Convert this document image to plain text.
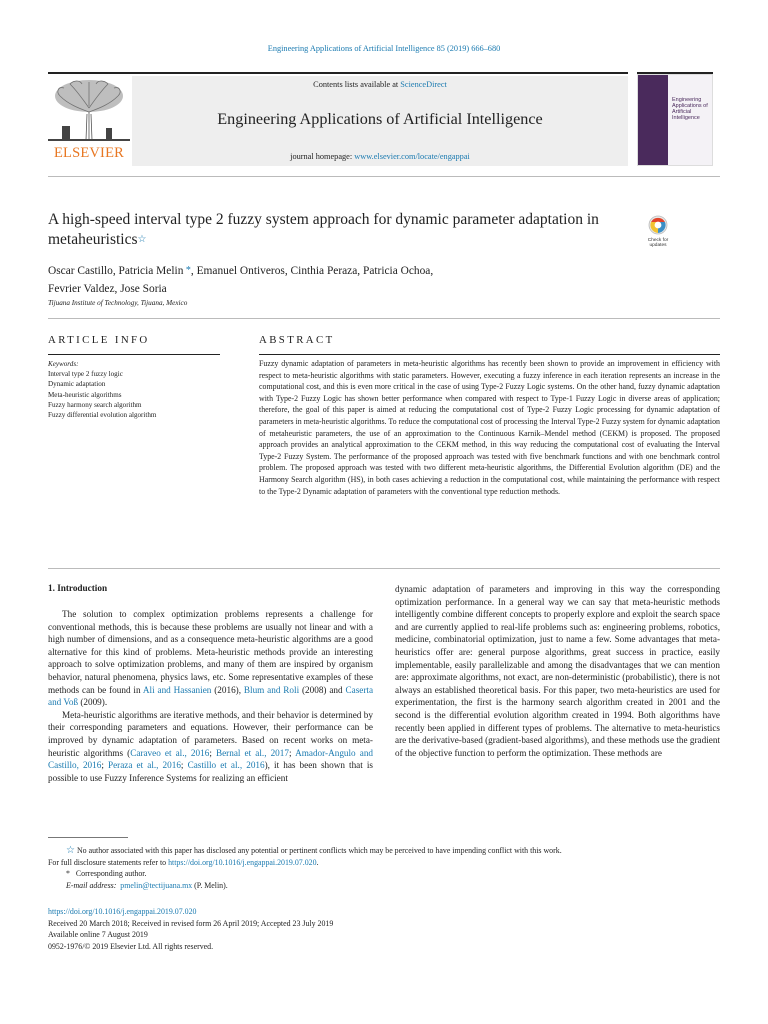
Engineering Applications of Artificial Intelligence 85 (2019) 666–680
ELSEVIER
Contents lists available at ScienceDirect
Engineering Applications of Artificial Intelligence
journal homepage: www.elsevier.com/locate/engappai
Engineering Applications of Artificial Intelligence
A high-speed interval type 2 fuzzy system approach for dynamic parameter adaptation in metaheuristics☆	Check for
updates
Oscar Castillo, Patricia Melin *, Emanuel Ontiveros, Cinthia Peraza, Patricia Ochoa,
Fevrier Valdez, Jose Soria
Tijuana Institute of Technology, Tijuana, Mexico
ARTICLE INFO	ABSTRACT
Keywords:
Interval type 2 fuzzy logic
Dynamic adaptation
Meta-heuristic algorithms
Fuzzy harmony search algorithm
Fuzzy differential evolution algorithm
Fuzzy dynamic adaptation of parameters in meta-heuristic algorithms has recently been shown to provide an improvement in efficiency with respect to meta-heuristic algorithms with static parameters. However, executing a fuzzy inference in each iteration represents an increase in the computational cost, and this is even more critical in the case of using Type-2 Fuzzy Logic systems. On the other hand, fuzzy dynamic adaptation with Type-2 Fuzzy Logic has shown better performance when compared with respect to Type-1 Fuzzy Logic in diverse areas of application; therefore, the goal of this paper is aimed at reducing the computational cost of Type-2 Fuzzy Logic processing for dynamic adaptation of parameters in meta-heuristic algorithms. To reduce the computational cost of processing the Interval Type-2 Fuzzy system for dynamic adaptation of metaheuristic parameters, the use of an approximation to the Continuous Karnik–Mendel method (CEKM) is proposed. The proposed approach provides an analytical approximation to the CEKM method, in this way reducing the computational cost of evaluating the Interval Type-2 Fuzzy System. The performance of the proposed approach was tested with five benchmark functions and with one benchmark control problem. The proposed approach was tested with two different meta-heuristic algorithms, the Differential Evolution algorithm (DE) and the Harmony Search algorithm (HS), in both cases achieving a reduction in the computational cost, while maintaining the performance with respect to the Type-2 Dynamic adaptation of parameters with the conventional type reduction methods.
1. Introduction

The solution to complex optimization problems represents a challenge for conventional methods, this is because these problems are usually not linear and with a high number of dimensions, and as a consequence meta-heuristic algorithms are a good alternative for this kind of problems. Meta-heuristic methods provide an interesting approach to solve optimization problems, and many of them are inspired by organism behavior, natural phenomena, physics laws, etc. Some representative examples of these methods can be found in Ali and Hassanien (2016), Blum and Roli (2008) and Caserta and Voß (2009).

Meta-heuristic algorithms are iterative methods, and their behavior is determined by their corresponding parameters and equations. However, their performance can be improved by dynamic adaptation of parameters. Based on recent works on meta-heuristic algorithms (Caraveo et al., 2016; Bernal et al., 2017; Amador-Angulo and Castillo, 2016; Peraza et al., 2016; Castillo et al., 2016), it has been shown that is possible to use Fuzzy Inference Systems for realizing an efficient

dynamic adaptation of parameters and improving in this way the corresponding optimization performance. In a general way we can say that meta-heuristic methods intelligently combine different concepts to properly explore and exploit the search space and are currently applied to real-life problems such as: engineering problems, robotics, medicine, combinatorial optimization, just to name a few. Some advantages that meta-heuristics offer are: general purpose algorithms, great success in practice, easily implementable, easily parallelizable and among the disadvantages that we can mention are: approximate algorithms, not exact, are non-deterministic (probabilistic), there is not always an established theoretical basis. For this paper, two meta-heuristics are used for experimentation, the first is the harmony search algorithm created in 2001 and the second is the differential evolution algorithm created in 1994. Both algorithms have recently been applied in different types of problems. The alternative to meta-heuristics are the derivative-based (gradient-based algorithms), and these methods use the gradient of the objective function to perform the optimization. These methods are

☆ No author associated with this paper has disclosed any potential or pertinent conflicts which may be perceived to have impending conflict with this work.
For full disclosure statements refer to https://doi.org/10.1016/j.engappai.2019.07.020.
* Corresponding author.
E-mail address: pmelin@tectijuana.mx (P. Melin).
https://doi.org/10.1016/j.engappai.2019.07.020
Received 20 March 2018; Received in revised form 26 April 2019; Accepted 23 July 2019
Available online 7 August 2019
0952-1976/© 2019 Elsevier Ltd. All rights reserved.
